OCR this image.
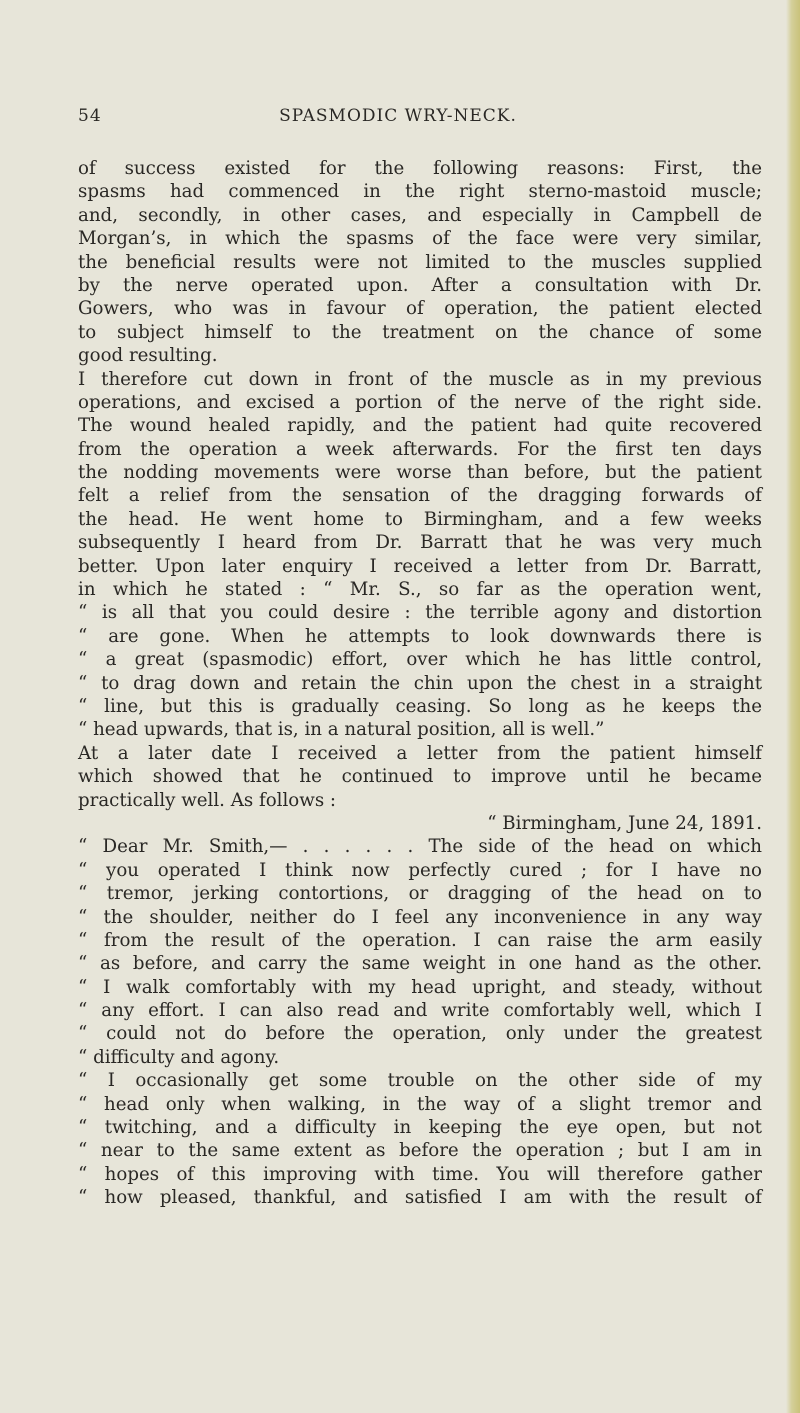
54	SPASMODIC WRY-NECK.
of success existed for the following reasons: First, the
spasms had commenced in the right sterno-mastoid muscle;
and, secondly, in other cases, and especially in Campbell de
Morgan’s, in which the spasms of the face were very similar,
the beneficial results were not limited to the muscles supplied
by the nerve operated upon. After a consultation with Dr.
Gowers, who was in favour of operation, the patient elected
to subject himself to the treatment on the chance of some
good resulting.
I therefore cut down in front of the muscle as in my previous
operations, and excised a portion of the nerve of the right side.
The wound healed rapidly, and the patient had quite recovered
from the operation a week afterwards. For the first ten days
the nodding movements were worse than before, but the patient
felt a relief from the sensation of the dragging forwards of
the head. He went home to Birmingham, and a few weeks
subsequently I heard from Dr. Barratt that he was very much
better. Upon later enquiry I received a letter from Dr. Barratt,
in which he stated : “ Mr. S., so far as the operation went,
“ is all that you could desire : the terrible agony and distortion
“ are gone. When he attempts to look downwards there is
“ a great (spasmodic) effort, over which he has little control,
“ to drag down and retain the chin upon the chest in a straight
“ line, but this is gradually ceasing. So long as he keeps the
“ head upwards, that is, in a natural position, all is well.”
At a later date I received a letter from the patient himself
which showed that he continued to improve until he became
practically well. As follows :
“ Birmingham, June 24, 1891.
“ Dear Mr. Smith,— . . . . . . The side of the head on which
“ you operated I think now perfectly cured ; for I have no
“ tremor, jerking contortions, or dragging of the head on to
“ the shoulder, neither do I feel any inconvenience in any way
“ from the result of the operation. I can raise the arm easily
“ as before, and carry the same weight in one hand as the other.
“ I walk comfortably with my head upright, and steady, without
“ any effort. I can also read and write comfortably well, which I
“ could not do before the operation, only under the greatest
“ difficulty and agony.
“ I occasionally get some trouble on the other side of my
“ head only when walking, in the way of a slight tremor and
“ twitching, and a difficulty in keeping the eye open, but not
“ near to the same extent as before the operation ; but I am in
“ hopes of this improving with time. You will therefore gather
“ how pleased, thankful, and satisfied I am with the result of
